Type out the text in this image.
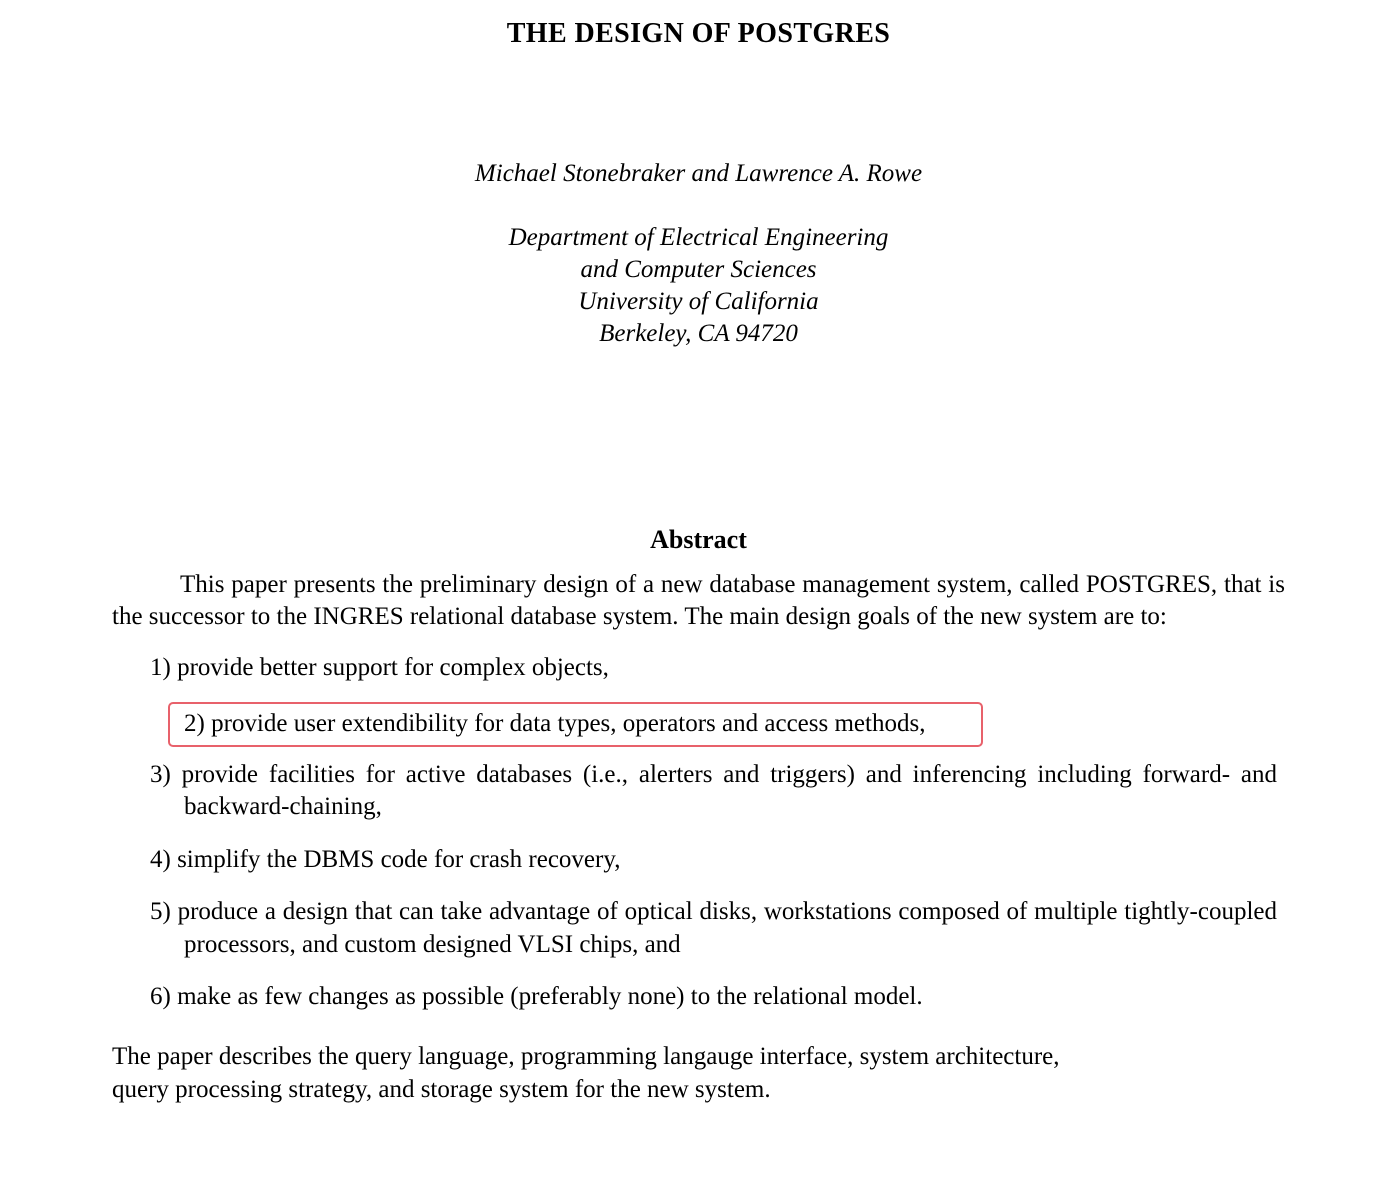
THE DESIGN OF POSTGRES
Michael Stonebraker and Lawrence A. Rowe
Department of Electrical Engineering
and Computer Sciences
University of California
Berkeley, CA 94720
Abstract
This paper presents the preliminary design of a new database management system, called POSTGRES, that is the successor to the INGRES relational database system. The main design goals of the new system are to:
1) provide better support for complex objects,
2) provide user extendibility for data types, operators and access methods,
3) provide facilities for active databases (i.e., alerters and triggers) and inferencing including forward- and backward-chaining,
4) simplify the DBMS code for crash recovery,
5) produce a design that can take advantage of optical disks, workstations composed of multiple tightly-coupled processors, and custom designed VLSI chips, and
6) make as few changes as possible (preferably none) to the relational model.
The paper describes the query language, programming langauge interface, system architecture,
query processing strategy, and storage system for the new system.
